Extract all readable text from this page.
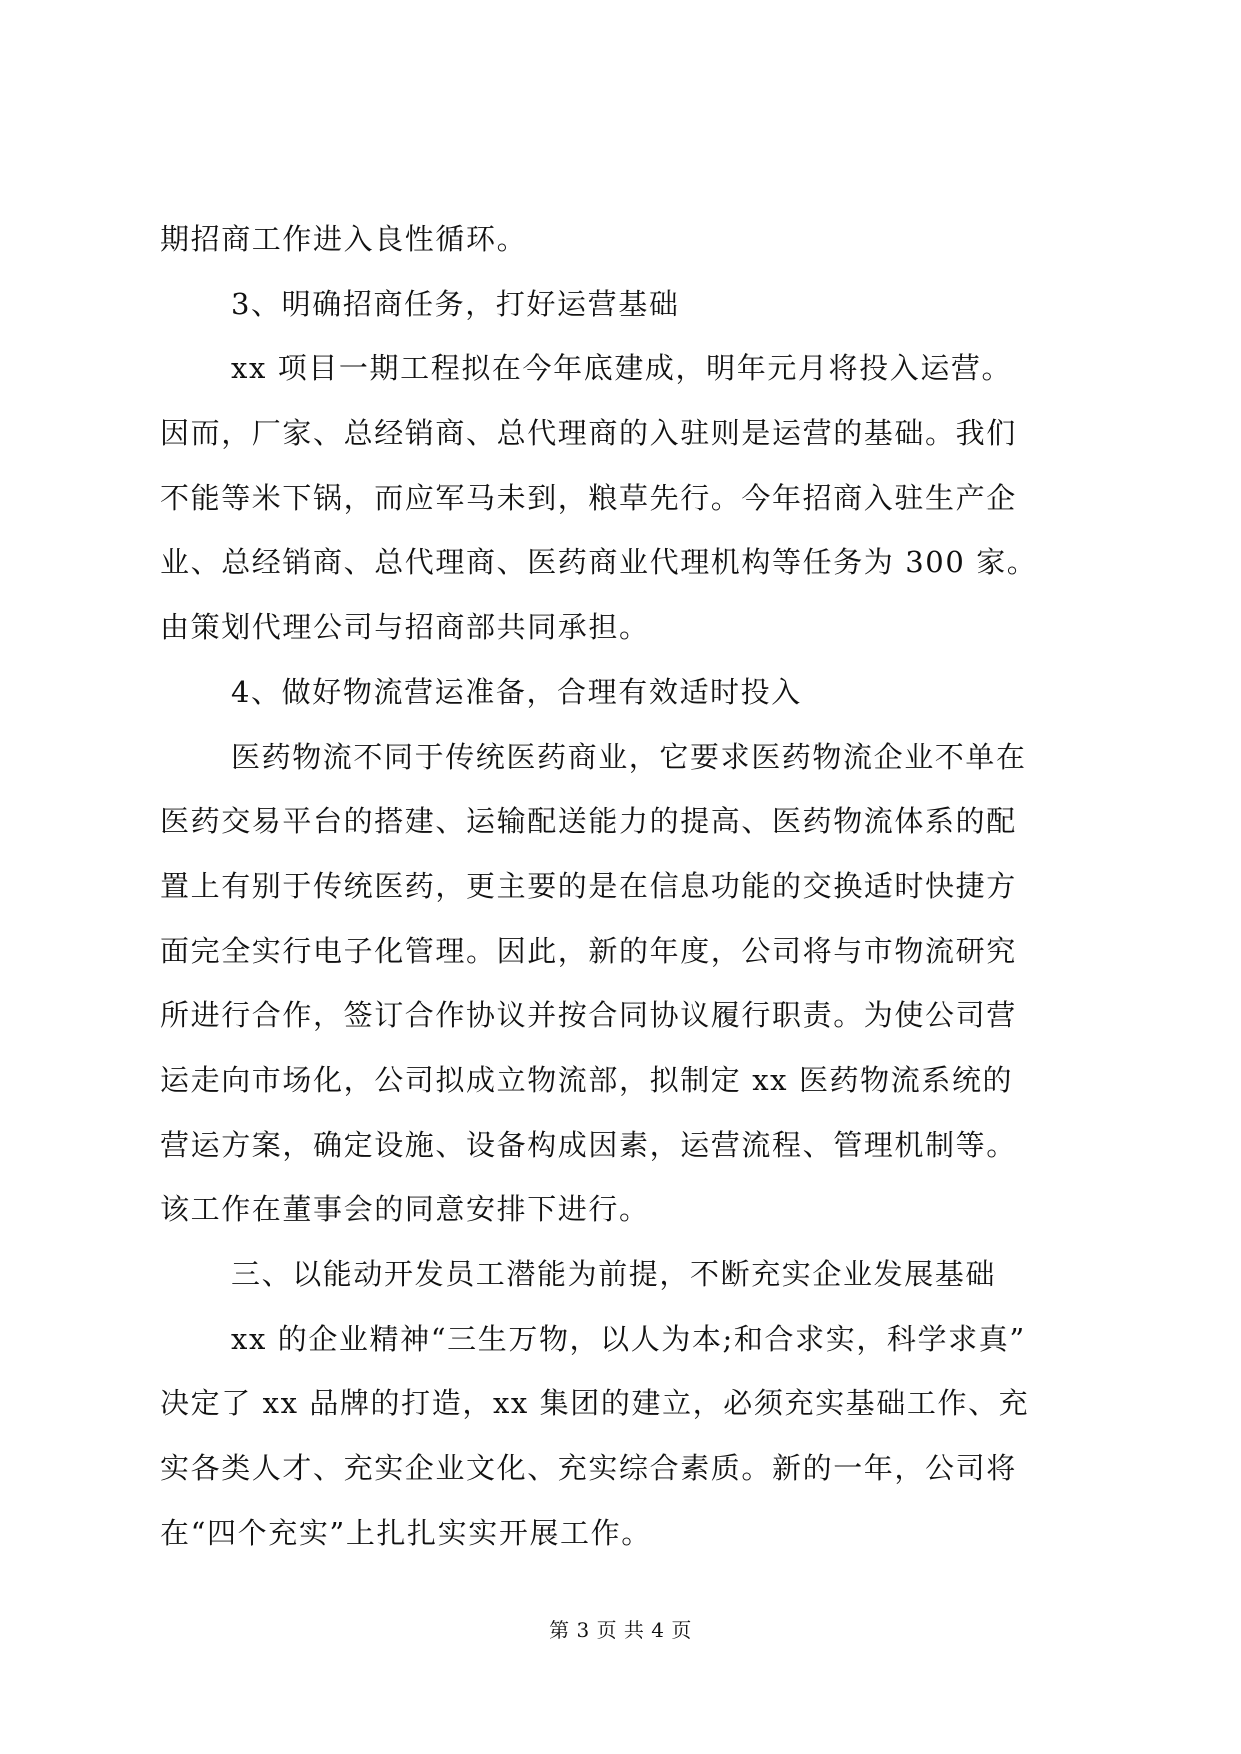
期招商工作进入良性循环。
3、明确招商任务，打好运营基础
xx 项目一期工程拟在今年底建成，明年元月将投入运营。
因而，厂家、总经销商、总代理商的入驻则是运营的基础。我们
不能等米下锅，而应军马未到，粮草先行。今年招商入驻生产企
业、总经销商、总代理商、医药商业代理机构等任务为 300 家。
由策划代理公司与招商部共同承担。
4、做好物流营运准备，合理有效适时投入
医药物流不同于传统医药商业，它要求医药物流企业不单在
医药交易平台的搭建、运输配送能力的提高、医药物流体系的配
置上有别于传统医药，更主要的是在信息功能的交换适时快捷方
面完全实行电子化管理。因此，新的年度，公司将与市物流研究
所进行合作，签订合作协议并按合同协议履行职责。为使公司营
运走向市场化，公司拟成立物流部，拟制定 xx 医药物流系统的
营运方案，确定设施、设备构成因素，运营流程、管理机制等。
该工作在董事会的同意安排下进行。
三、以能动开发员工潜能为前提，不断充实企业发展基础
xx 的企业精神“三生万物，以人为本;和合求实，科学求真”
决定了 xx 品牌的打造，xx 集团的建立，必须充实基础工作、充
实各类人才、充实企业文化、充实综合素质。新的一年，公司将
在“四个充实”上扎扎实实开展工作。
第 3 页 共 4 页
